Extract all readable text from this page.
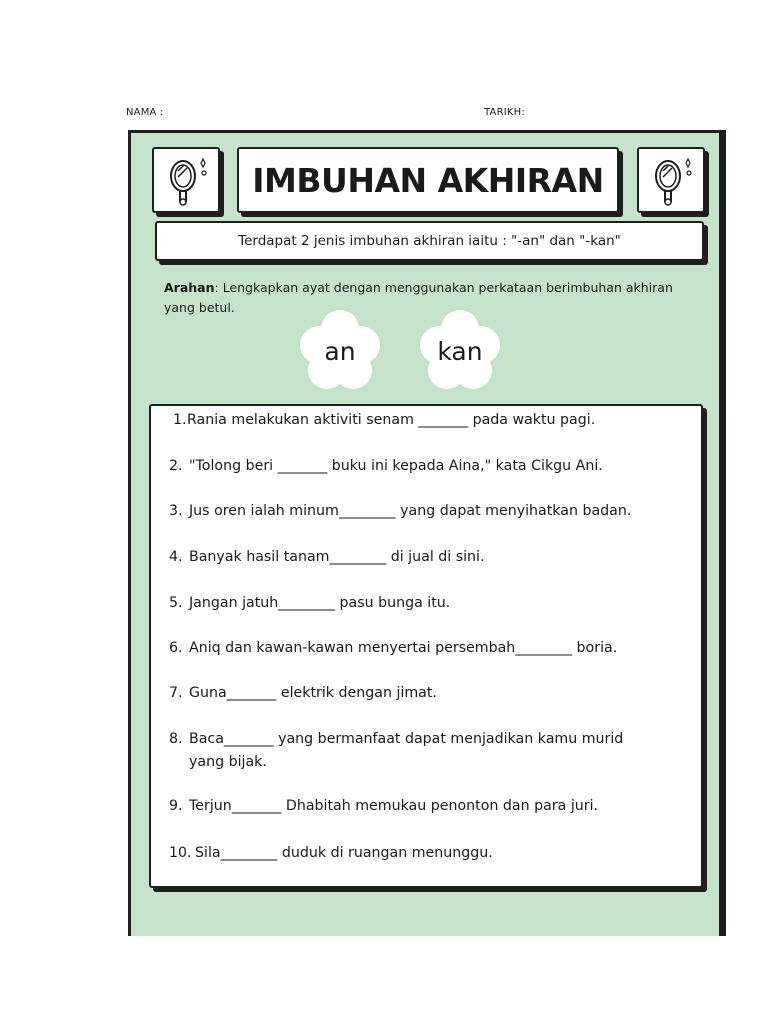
NAMA :	TARIKH:
IMBUHAN AKHIRAN
Terdapat 2 jenis imbuhan akhiran iaitu : "-an" dan "-kan"
Arahan: Lengkapkan ayat dengan menggunakan perkataan berimbuhan akhiran yang betul.
an	kan
1.Rania melakukan aktiviti senam _______ pada waktu pagi.
2. "Tolong beri _______ buku ini kepada Aina," kata Cikgu Ani.
3. Jus oren ialah minum________ yang dapat menyihatkan badan.
4. Banyak hasil tanam________ di jual di sini.
5. Jangan jatuh________ pasu bunga itu.
6. Aniq dan kawan-kawan menyertai persembah________ boria.
7. Guna_______ elektrik dengan jimat.
8. Baca_______ yang bermanfaat dapat menjadikan kamu murid
yang bijak.
9. Terjun_______ Dhabitah memukau penonton dan para juri.
10. Sila________ duduk di ruangan menunggu.
